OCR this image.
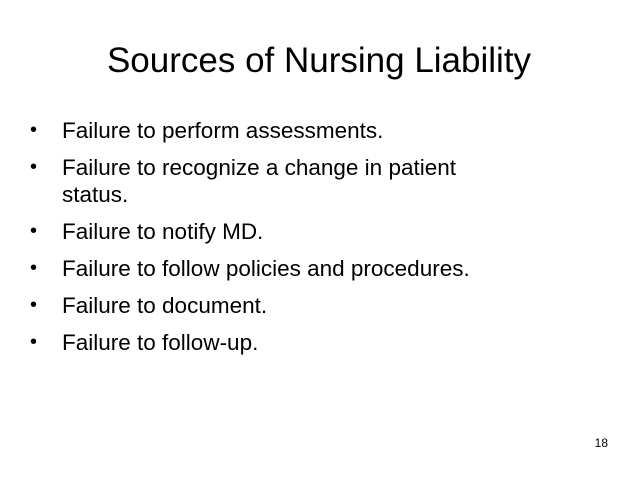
Sources of Nursing Liability
•	Failure to perform assessments.
•	Failure to recognize a change in patient
status.
•	Failure to notify MD.
•	Failure to follow policies and procedures.
•	Failure to document.
•	Failure to follow-up.
18
